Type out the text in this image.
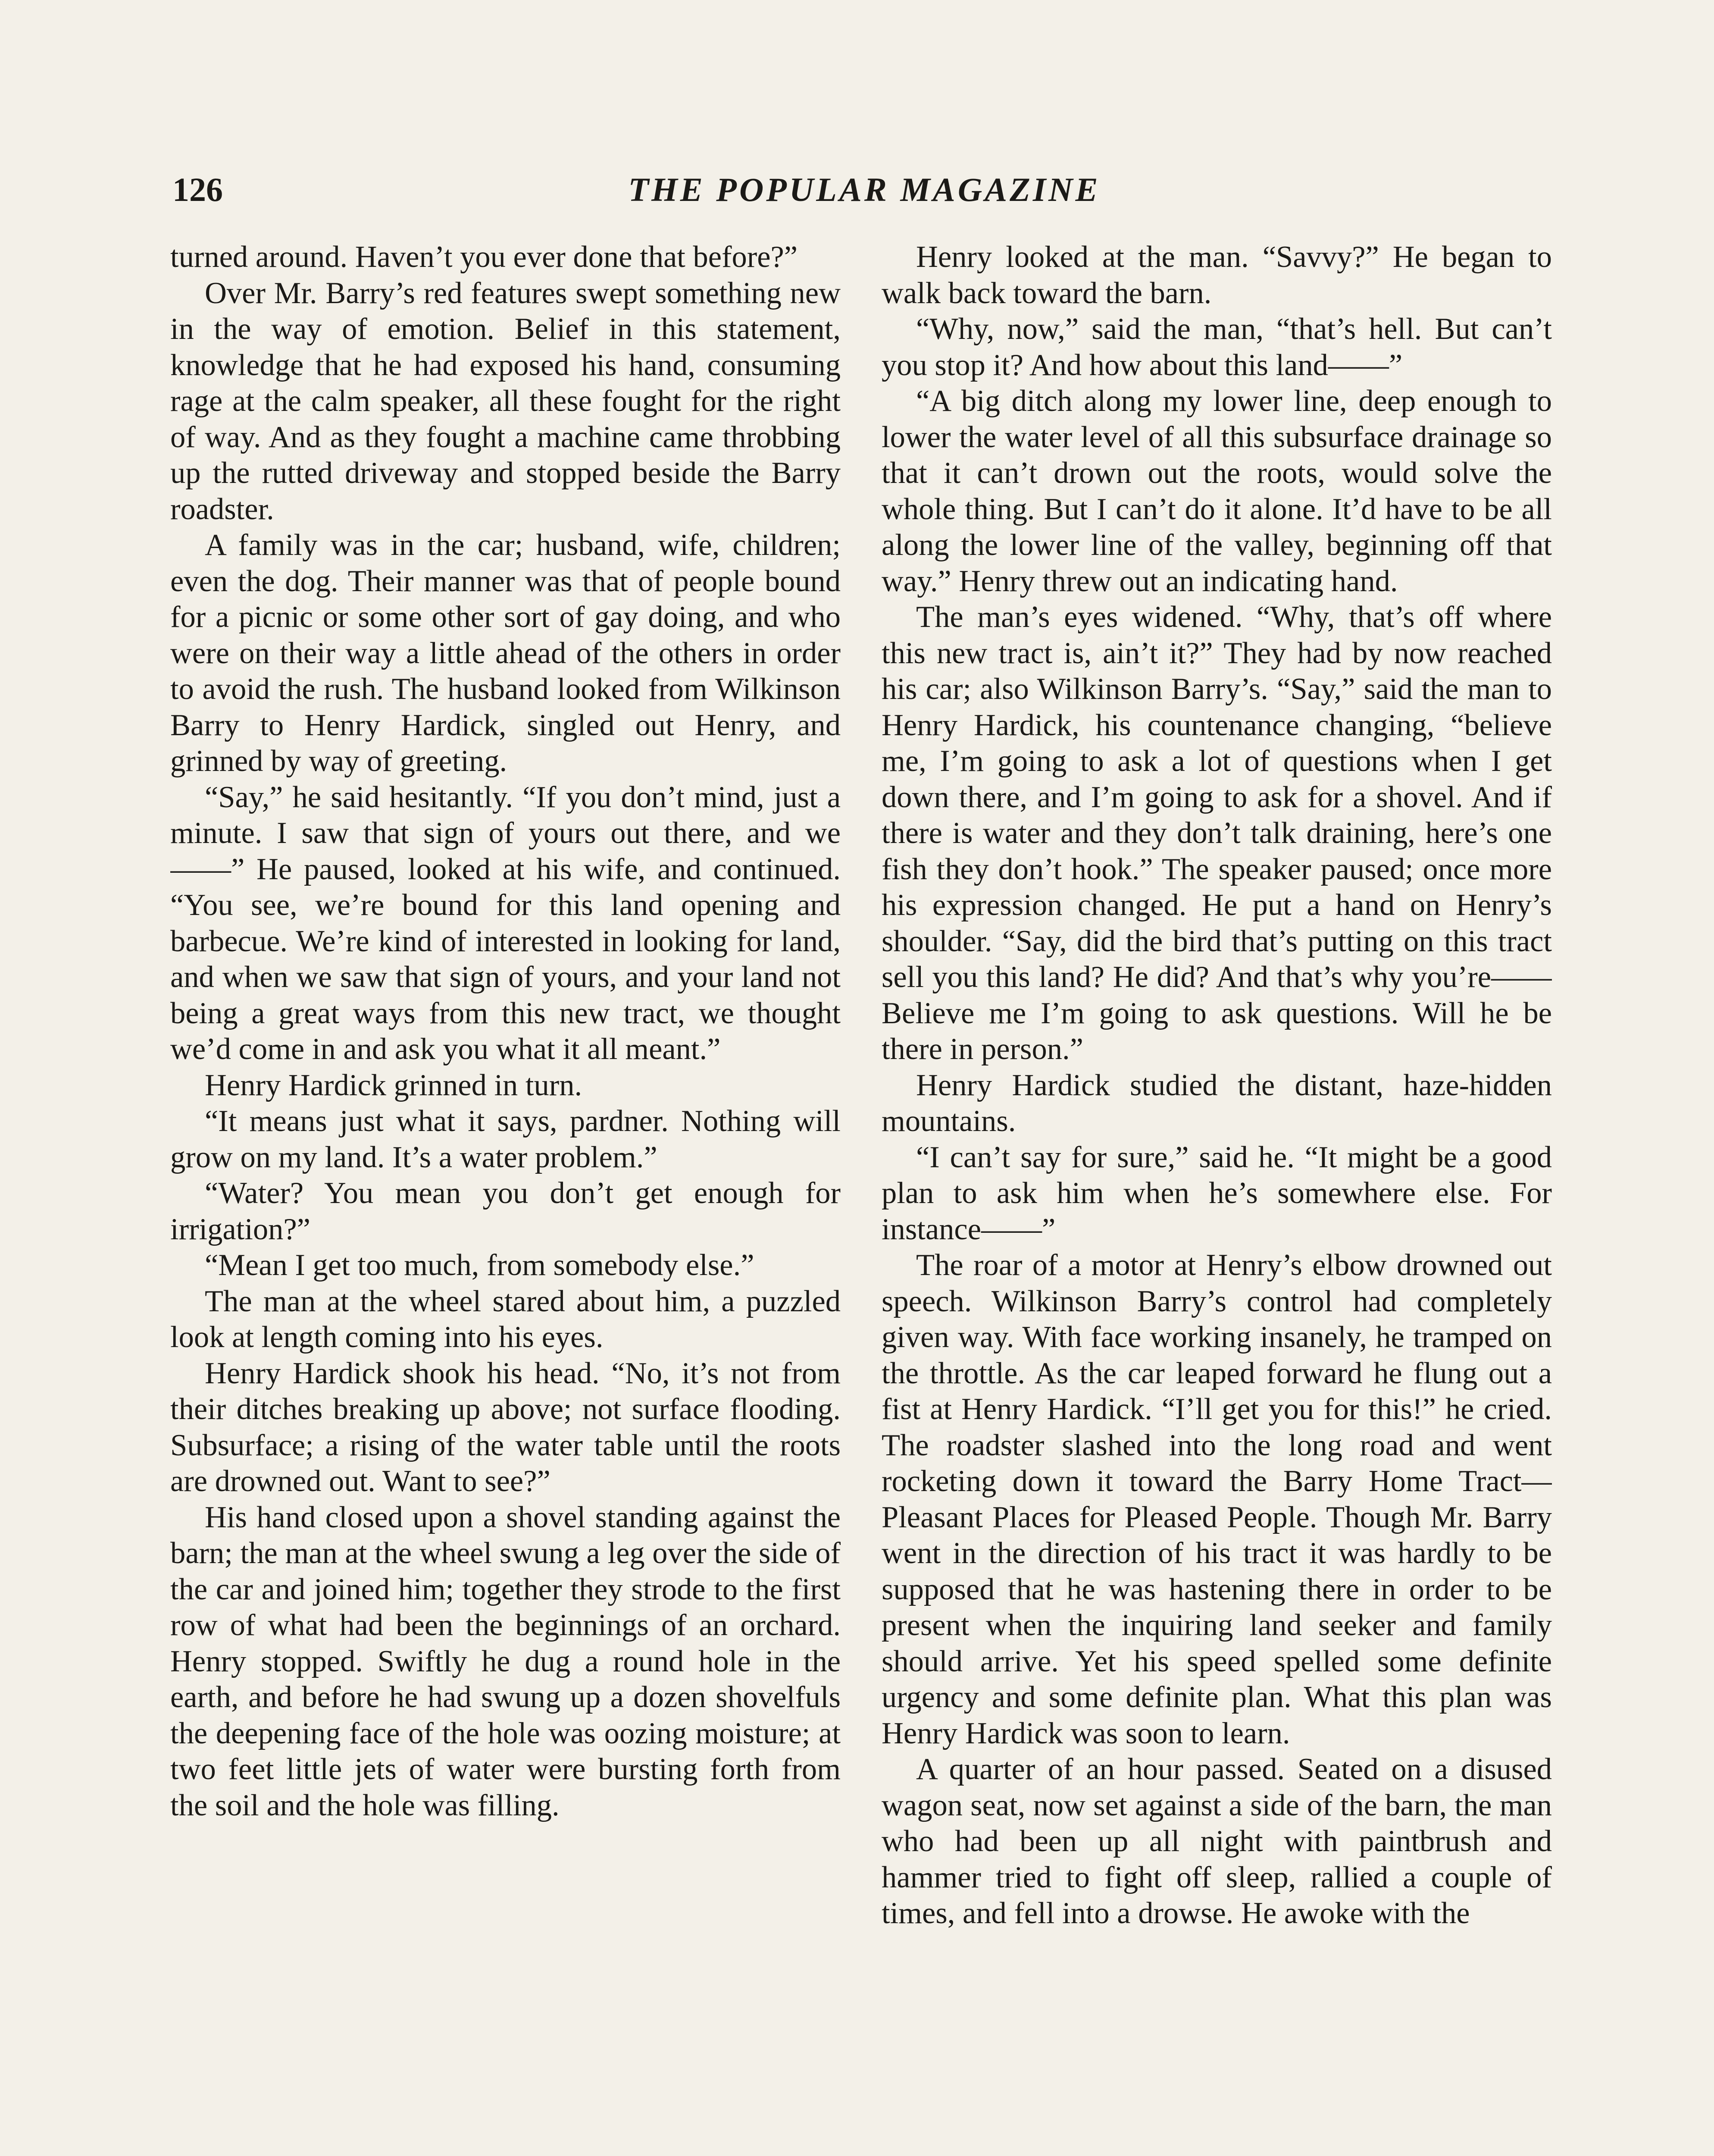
126	THE POPULAR MAGAZINE

turned around. Haven’t you ever done that before?”

Over Mr. Barry’s red features swept something new in the way of emotion. Belief in this statement, knowledge that he had exposed his hand, consuming rage at the calm speaker, all these fought for the right of way. And as they fought a machine came throbbing up the rutted driveway and stopped beside the Barry roadster.

A family was in the car; husband, wife, children; even the dog. Their manner was that of people bound for a picnic or some other sort of gay doing, and who were on their way a little ahead of the others in order to avoid the rush. The husband looked from Wilkinson Barry to Henry Hardick, singled out Henry, and grinned by way of greeting.

“Say,” he said hesitantly. “If you don’t mind, just a minute. I saw that sign of yours out there, and we——” He paused, looked at his wife, and continued. “You see, we’re bound for this land opening and barbecue. We’re kind of interested in looking for land, and when we saw that sign of yours, and your land not being a great ways from this new tract, we thought we’d come in and ask you what it all meant.”

Henry Hardick grinned in turn.

“It means just what it says, pardner. Nothing will grow on my land. It’s a water problem.”

“Water? You mean you don’t get enough for irrigation?”

“Mean I get too much, from somebody else.”

The man at the wheel stared about him, a puzzled look at length coming into his eyes.

Henry Hardick shook his head. “No, it’s not from their ditches breaking up above; not surface flooding. Subsurface; a rising of the water table until the roots are drowned out. Want to see?”

His hand closed upon a shovel standing against the barn; the man at the wheel swung a leg over the side of the car and joined him; together they strode to the first row of what had been the beginnings of an orchard. Henry stopped. Swiftly he dug a round hole in the earth, and before he had swung up a dozen shovelfuls the deepening face of the hole was oozing moisture; at two feet little jets of water were bursting forth from the soil and the hole was filling.

Henry looked at the man. “Savvy?” He began to walk back toward the barn.

“Why, now,” said the man, “that’s hell. But can’t you stop it? And how about this land——”

“A big ditch along my lower line, deep enough to lower the water level of all this subsurface drainage so that it can’t drown out the roots, would solve the whole thing. But I can’t do it alone. It’d have to be all along the lower line of the valley, beginning off that way.” Henry threw out an indicating hand.

The man’s eyes widened. “Why, that’s off where this new tract is, ain’t it?” They had by now reached his car; also Wilkinson Barry’s. “Say,” said the man to Henry Hardick, his countenance changing, “believe me, I’m going to ask a lot of questions when I get down there, and I’m going to ask for a shovel. And if there is water and they don’t talk draining, here’s one fish they don’t hook.” The speaker paused; once more his expression changed. He put a hand on Henry’s shoulder. “Say, did the bird that’s putting on this tract sell you this land? He did? And that’s why you’re—— Believe me I’m going to ask questions. Will he be there in person.”

Henry Hardick studied the distant, haze-hidden mountains.

“I can’t say for sure,” said he. “It might be a good plan to ask him when he’s somewhere else. For instance——”

The roar of a motor at Henry’s elbow drowned out speech. Wilkinson Barry’s control had completely given way. With face working insanely, he tramped on the throttle. As the car leaped forward he flung out a fist at Henry Hardick. “I’ll get you for this!” he cried. The roadster slashed into the long road and went rocketing down it toward the Barry Home Tract—Pleasant Places for Pleased People. Though Mr. Barry went in the direction of his tract it was hardly to be supposed that he was hastening there in order to be present when the inquiring land seeker and family should arrive. Yet his speed spelled some definite urgency and some definite plan. What this plan was Henry Hardick was soon to learn.

A quarter of an hour passed. Seated on a disused wagon seat, now set against a side of the barn, the man who had been up all night with paintbrush and hammer tried to fight off sleep, rallied a couple of times, and fell into a drowse. He awoke with the
